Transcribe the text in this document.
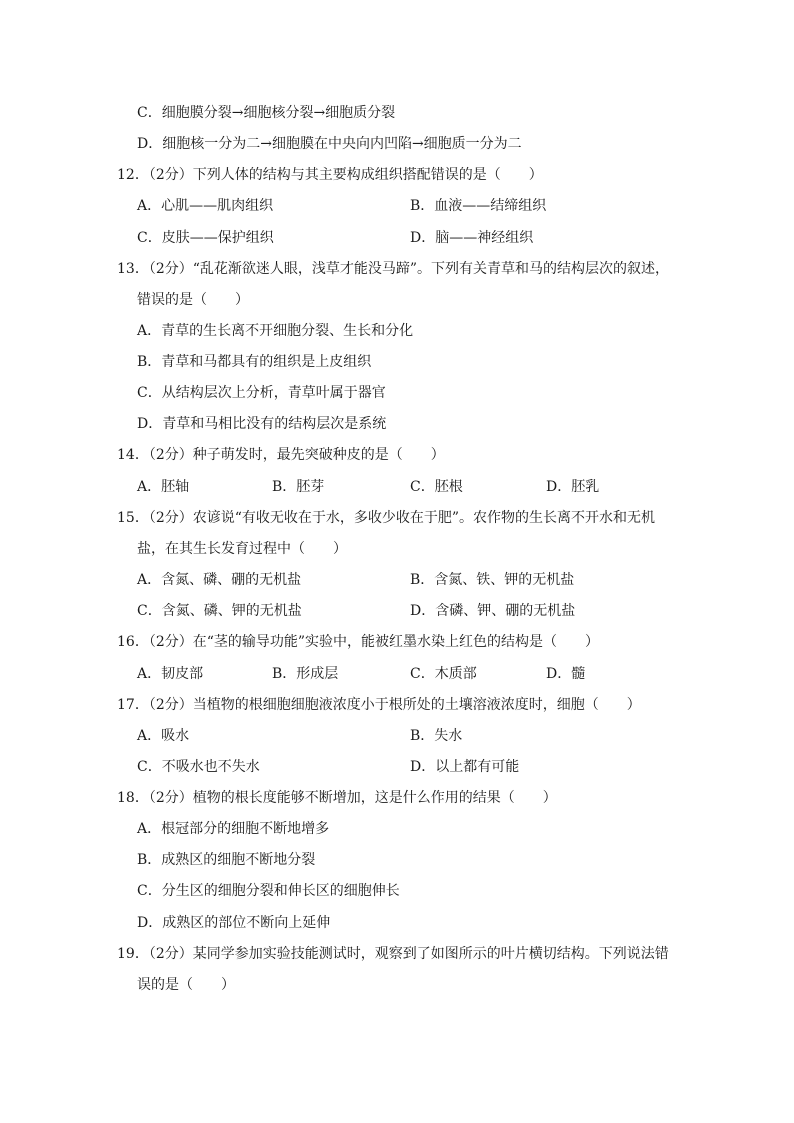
C．细胞膜分裂→细胞核分裂→细胞质分裂
D．细胞核一分为二→细胞膜在中央向内凹陷→细胞质一分为二
12．（2分）下列人体的结构与其主要构成组织搭配错误的是（　　）
A．心肌——肌肉组织	B．血液——结缔组织
C．皮肤——保护组织	D．脑——神经组织
13．（2分）“乱花渐欲迷人眼，浅草才能没马蹄”。下列有关青草和马的结构层次的叙述，
错误的是（　　）
A．青草的生长离不开细胞分裂、生长和分化
B．青草和马都具有的组织是上皮组织
C．从结构层次上分析，青草叶属于器官
D．青草和马相比没有的结构层次是系统
14．（2分）种子萌发时，最先突破种皮的是（　　）
A．胚轴	B．胚芽	C．胚根	D．胚乳
15．（2分）农谚说“有收无收在于水，多收少收在于肥”。农作物的生长离不开水和无机
盐，在其生长发育过程中（　　）
A．含氮、磷、硼的无机盐	B．含氮、铁、钾的无机盐
C．含氮、磷、钾的无机盐	D．含磷、钾、硼的无机盐
16．（2分）在“茎的输导功能”实验中，能被红墨水染上红色的结构是（　　）
A．韧皮部	B．形成层	C．木质部	D．髓
17．（2分）当植物的根细胞细胞液浓度小于根所处的土壤溶液浓度时，细胞（　　）
A．吸水	B．失水
C．不吸水也不失水	D．以上都有可能
18．（2分）植物的根长度能够不断增加，这是什么作用的结果（　　）
A．根冠部分的细胞不断地增多
B．成熟区的细胞不断地分裂
C．分生区的细胞分裂和伸长区的细胞伸长
D．成熟区的部位不断向上延伸
19．（2分）某同学参加实验技能测试时，观察到了如图所示的叶片横切结构。下列说法错
误的是（　　）
